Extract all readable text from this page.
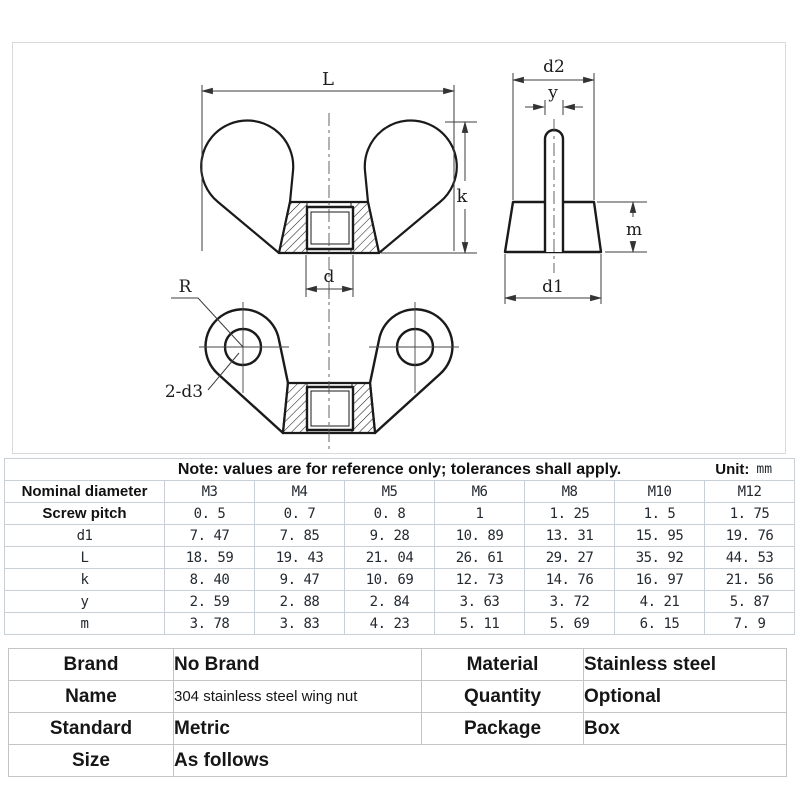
L
k
d
d2
y
m
d1
R
2-d3
Note: values are for reference only; tolerances shall apply. Unit: mm							

Nominal diameter	M3	M4	M5	M6	M8	M10	M12
Screw pitch	0. 5	0. 7	0. 8	1	1. 25	1. 5	1. 75
d1	7. 47	7. 85	9. 28	10. 89	13. 31	15. 95	19. 76
L	18. 59	19. 43	21. 04	26. 61	29. 27	35. 92	44. 53
k	8. 40	9. 47	10. 69	12. 73	14. 76	16. 97	21. 56
y	2. 59	2. 88	2. 84	3. 63	3. 72	4. 21	5. 87
m	3. 78	3. 83	4. 23	5. 11	5. 69	6. 15	7. 9
Brand	No Brand	Material	Stainless steel
Name	304 stainless steel wing nut	Quantity	Optional
Standard	Metric	Package	Box
Size	As follows		
